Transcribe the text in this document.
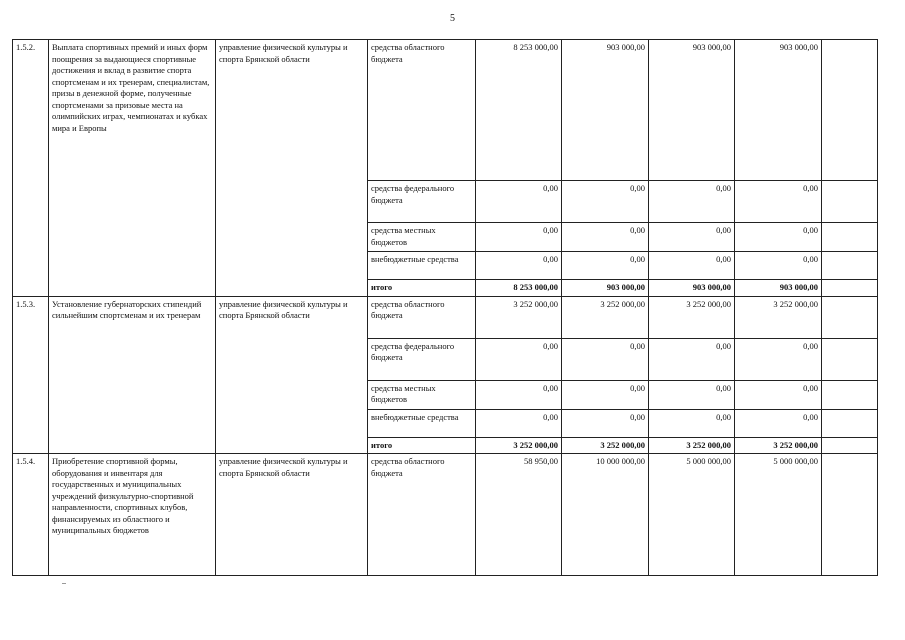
5
1.5.2.	Выплата спортивных премий и иных форм поощрения за выдающиеся спортивные достижения и вклад в развитие спорта спортсменам и их тренерам, специалистам, призы в денежной форме, полученные спортсменами за призовые места на олимпийских играх, чемпионатах и кубках мира и Европы	управление физической культуры и спорта Брянской области	средства областного бюджета	8 253 000,00	903 000,00	903 000,00	903 000,00	
			средства федерального бюджета	0,00	0,00	0,00	0,00	
			средства местных бюджетов	0,00	0,00	0,00	0,00	
			внебюджетные средства	0,00	0,00	0,00	0,00	
			итого	8 253 000,00	903 000,00	903 000,00	903 000,00	
1.5.3.	Установление губернаторских стипендий сильнейшим спортсменам и их тренерам	управление физической культуры и спорта Брянской области	средства областного бюджета	3 252 000,00	3 252 000,00	3 252 000,00	3 252 000,00	
			средства федерального бюджета	0,00	0,00	0,00	0,00	
			средства местных бюджетов	0,00	0,00	0,00	0,00	
			внебюджетные средства	0,00	0,00	0,00	0,00	
			итого	3 252 000,00	3 252 000,00	3 252 000,00	3 252 000,00	
1.5.4.	Приобретение спортивной формы, оборудования и инвентаря для государственных и муниципальных учреждений физкультурно-спортивной направленности, спортивных клубов, финансируемых из областного и муниципальных бюджетов	управление физической культуры и спорта Брянской области	средства областного бюджета	58 950,00	10 000 000,00	5 000 000,00	5 000 000,00	
